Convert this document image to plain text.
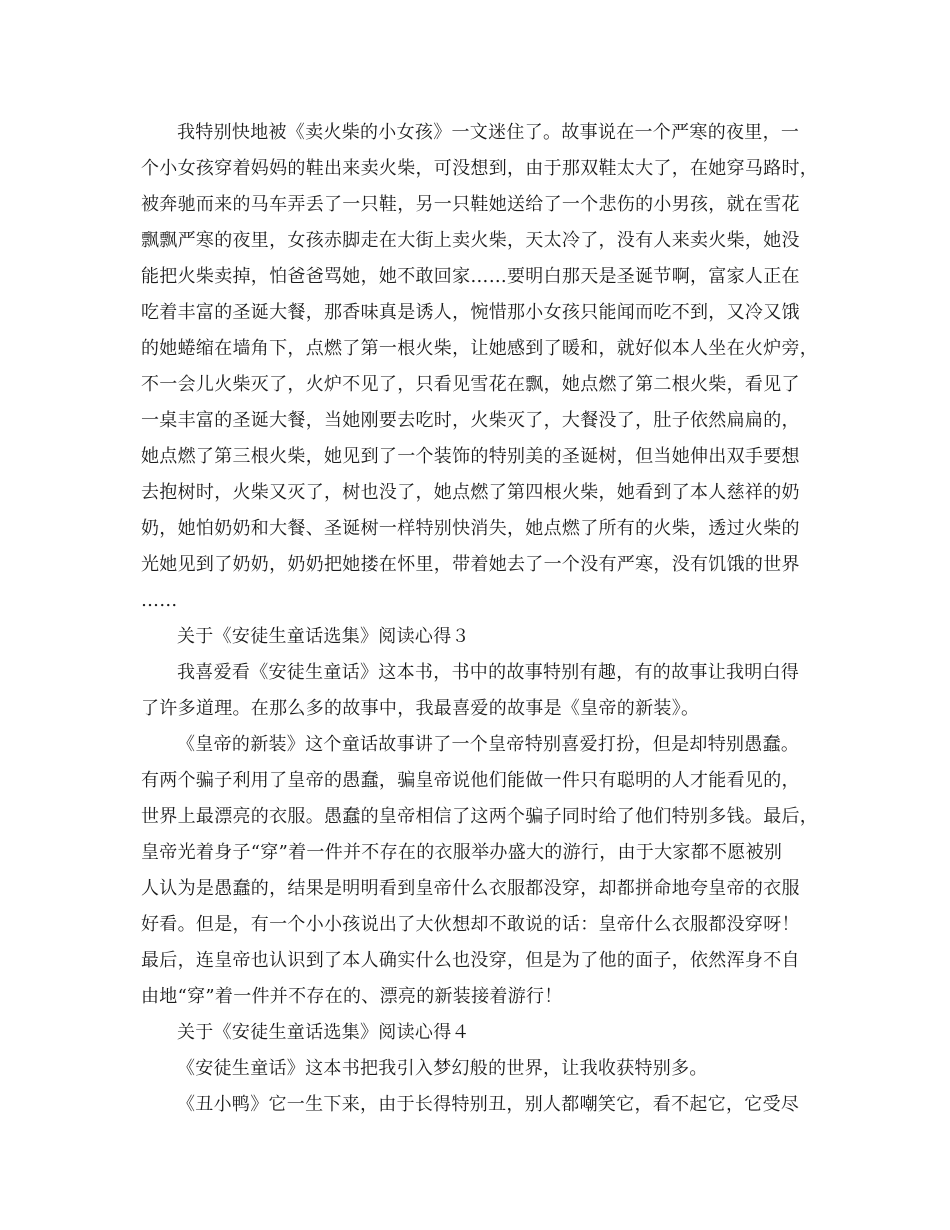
我特别快地被《卖火柴的小女孩》一文迷住了。故事说在一个严寒的夜里，一
个小女孩穿着妈妈的鞋出来卖火柴，可没想到，由于那双鞋太大了，在她穿马路时，
被奔驰而来的马车弄丢了一只鞋，另一只鞋她送给了一个悲伤的小男孩，就在雪花
飘飘严寒的夜里，女孩赤脚走在大街上卖火柴，天太冷了，没有人来卖火柴，她没
能把火柴卖掉，怕爸爸骂她，她不敢回家……要明白那天是圣诞节啊，富家人正在
吃着丰富的圣诞大餐，那香味真是诱人，惋惜那小女孩只能闻而吃不到，又冷又饿
的她蜷缩在墙角下，点燃了第一根火柴，让她感到了暖和，就好似本人坐在火炉旁，
不一会儿火柴灭了，火炉不见了，只看见雪花在飘，她点燃了第二根火柴，看见了
一桌丰富的圣诞大餐，当她刚要去吃时，火柴灭了，大餐没了，肚子依然扁扁的，
她点燃了第三根火柴，她见到了一个装饰的特别美的圣诞树，但当她伸出双手要想
去抱树时，火柴又灭了，树也没了，她点燃了第四根火柴，她看到了本人慈祥的奶
奶，她怕奶奶和大餐、圣诞树一样特别快消失，她点燃了所有的火柴，透过火柴的
光她见到了奶奶，奶奶把她搂在怀里，带着她去了一个没有严寒，没有饥饿的世界
……
关于《安徒生童话选集》阅读心得３
我喜爱看《安徒生童话》这本书，书中的故事特别有趣，有的故事让我明白得
了许多道理。在那么多的故事中，我最喜爱的故事是《皇帝的新装》。
《皇帝的新装》这个童话故事讲了一个皇帝特别喜爱打扮，但是却特别愚蠢。
有两个骗子利用了皇帝的愚蠢，骗皇帝说他们能做一件只有聪明的人才能看见的，
世界上最漂亮的衣服。愚蠢的皇帝相信了这两个骗子同时给了他们特别多钱。最后，
皇帝光着身子“穿”着一件并不存在的衣服举办盛大的游行，由于大家都不愿被别
人认为是愚蠢的，结果是明明看到皇帝什么衣服都没穿，却都拼命地夸皇帝的衣服
好看。但是，有一个小小孩说出了大伙想却不敢说的话：皇帝什么衣服都没穿呀！
最后，连皇帝也认识到了本人确实什么也没穿，但是为了他的面子，依然浑身不自
由地“穿”着一件并不存在的、漂亮的新装接着游行！
关于《安徒生童话选集》阅读心得４
《安徒生童话》这本书把我引入梦幻般的世界，让我收获特别多。
《丑小鸭》它一生下来，由于长得特别丑，别人都嘲笑它，看不起它，它受尽
